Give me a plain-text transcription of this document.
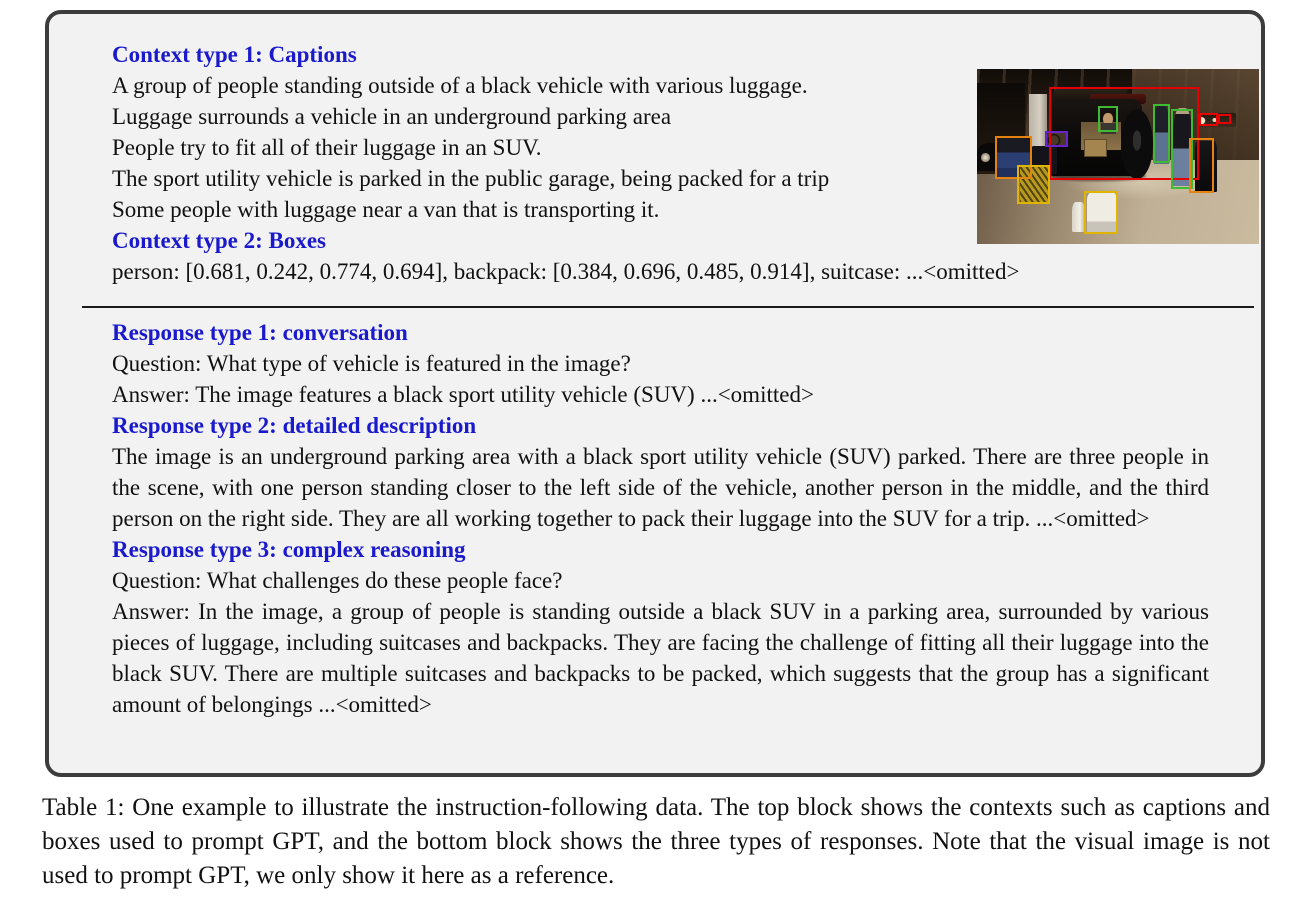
Context type 1: Captions
A group of people standing outside of a black vehicle with various luggage.
Luggage surrounds a vehicle in an underground parking area
People try to fit all of their luggage in an SUV.
The sport utility vehicle is parked in the public garage, being packed for a trip
Some people with luggage near a van that is transporting it.
Context type 2: Boxes
person: [0.681, 0.242, 0.774, 0.694], backpack: [0.384, 0.696, 0.485, 0.914], suitcase: ...<omitted>
Response type 1: conversation
Question: What type of vehicle is featured in the image?
Answer: The image features a black sport utility vehicle (SUV) ...<omitted>
Response type 2: detailed description
The image is an underground parking area with a black sport utility vehicle (SUV) parked. There are three people in the scene, with one person standing closer to the left side of the vehicle, another person in the middle, and the third person on the right side. They are all working together to pack their luggage into the SUV for a trip. ...<omitted>
Response type 3: complex reasoning
Question: What challenges do these people face?
Answer: In the image, a group of people is standing outside a black SUV in a parking area, surrounded by various pieces of luggage, including suitcases and backpacks. They are facing the challenge of fitting all their luggage into the black SUV. There are multiple suitcases and backpacks to be packed, which suggests that the group has a significant amount of belongings ...<omitted>
Table 1: One example to illustrate the instruction-following data. The top block shows the contexts such as captions and boxes used to prompt GPT, and the bottom block shows the three types of responses. Note that the visual image is not used to prompt GPT, we only show it here as a reference.
